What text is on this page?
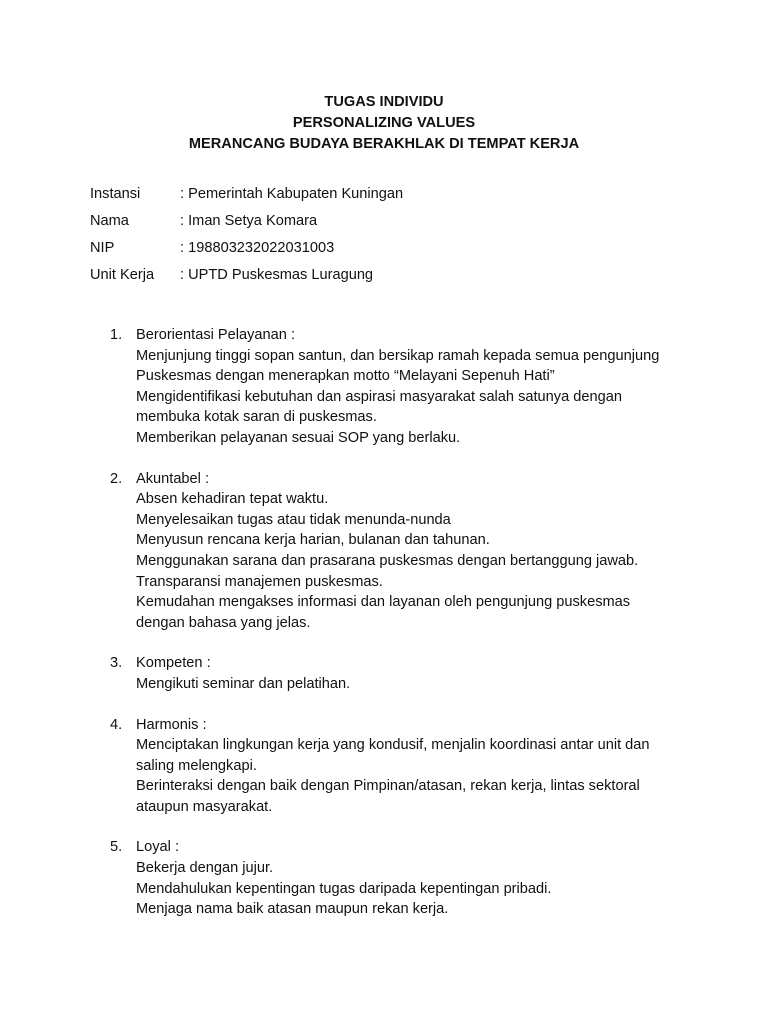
TUGAS INDIVIDU
PERSONALIZING VALUES
MERANCANG BUDAYA BERAKHLAK DI TEMPAT KERJA
Instansi	: Pemerintah Kabupaten Kuningan
Nama	: Iman Setya Komara
NIP	: 198803232022031003
Unit Kerja	: UPTD Puskesmas Luragung
1. Berorientasi Pelayanan :
Menjunjung tinggi sopan santun, dan bersikap ramah kepada semua pengunjung
Puskesmas dengan menerapkan motto “Melayani Sepenuh Hati”
Mengidentifikasi kebutuhan dan aspirasi masyarakat salah satunya dengan
membuka kotak saran di puskesmas.
Memberikan pelayanan sesuai SOP yang berlaku.
2. Akuntabel :
Absen kehadiran tepat waktu.
Menyelesaikan tugas atau tidak menunda-nunda
Menyusun rencana kerja harian, bulanan dan tahunan.
Menggunakan sarana dan prasarana puskesmas dengan bertanggung jawab.
Transparansi manajemen puskesmas.
Kemudahan mengakses informasi dan layanan oleh pengunjung puskesmas
dengan bahasa yang jelas.
3. Kompeten :
Mengikuti seminar dan pelatihan.
4. Harmonis :
Menciptakan lingkungan kerja yang kondusif, menjalin koordinasi antar unit dan
saling melengkapi.
Berinteraksi dengan baik dengan Pimpinan/atasan, rekan kerja, lintas sektoral
ataupun masyarakat.
5. Loyal :
Bekerja dengan jujur.
Mendahulukan kepentingan tugas daripada kepentingan pribadi.
Menjaga nama baik atasan maupun rekan kerja.
